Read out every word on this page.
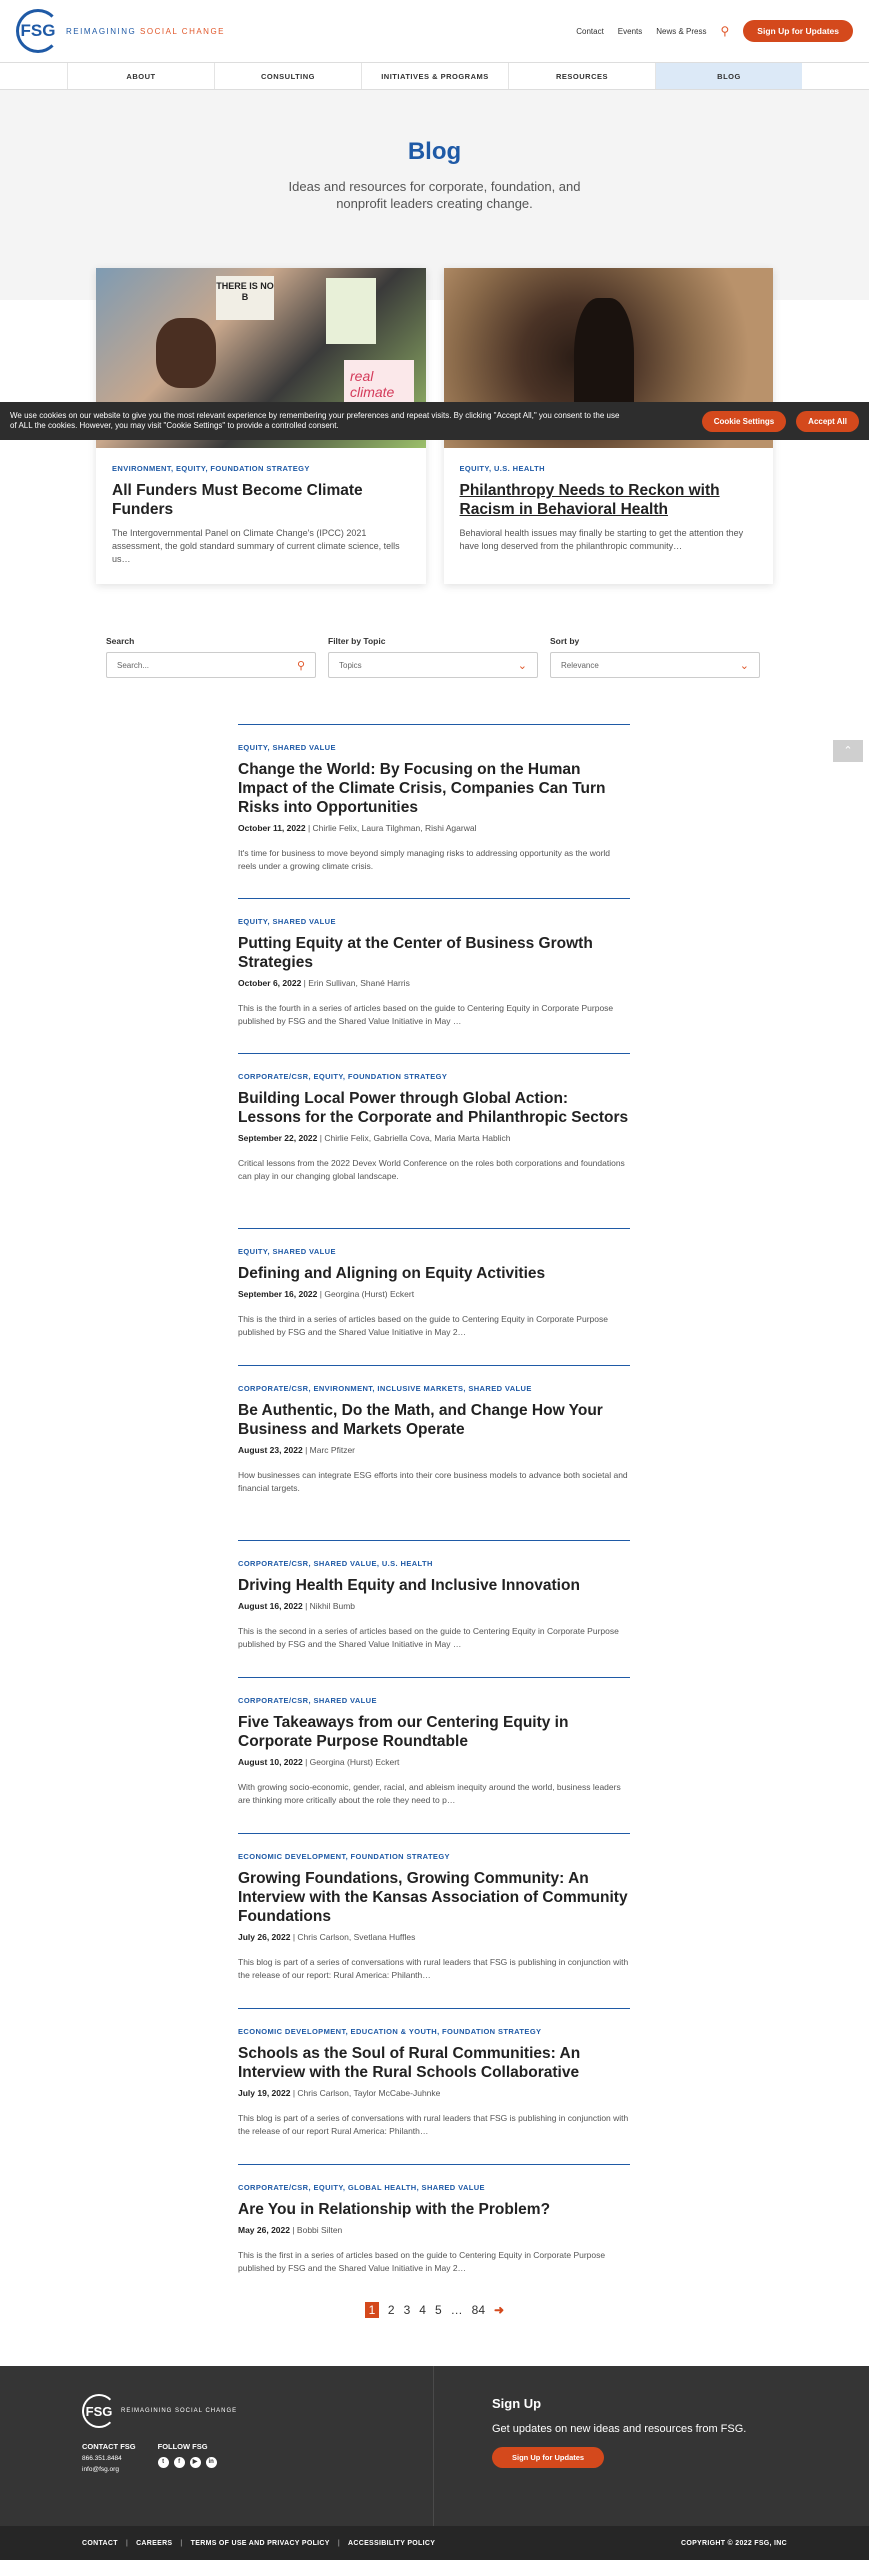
FSG	REIMAGINING SOCIAL CHANGE	Contact Events News & Press ⚲	Sign Up for Updates
ABOUT	CONSULTING	INITIATIVES & PROGRAMS	RESOURCES	BLOG
Blog

Ideas and resources for corporate, foundation, and nonprofit leaders creating change.

THERE IS NO B
real climate
ENVIRONMENT, EQUITY, FOUNDATION STRATEGY
All Funders Must Become Climate Funders
The Intergovernmental Panel on Climate Change's (IPCC) 2021 assessment, the gold standard summary of current climate science, tells us…
EQUITY, U.S. HEALTH
Philanthropy Needs to Reckon with Racism in Behavioral Health
Behavioral health issues may finally be starting to get the attention they have long deserved from the philanthropic community…
We use cookies on our website to give you the most relevant experience by remembering your preferences and repeat visits. By clicking "Accept All," you consent to the use of ALL the cookies. However, you may visit "Cookie Settings" to provide a controlled consent.	Cookie Settings	Accept All
Search
Search...	⚲
Filter by Topic
Topics	⌄
Sort by
Relevance	⌄
⌃
EQUITY, SHARED VALUE
Change the World: By Focusing on the Human Impact of the Climate Crisis, Companies Can Turn Risks into Opportunities
October 11, 2022 | Chirlie Felix, Laura Tilghman, Rishi Agarwal
It's time for business to move beyond simply managing risks to addressing opportunity as the world reels under a growing climate crisis.
EQUITY, SHARED VALUE
Putting Equity at the Center of Business Growth Strategies
October 6, 2022 | Erin Sullivan, Shané Harris
This is the fourth in a series of articles based on the guide to Centering Equity in Corporate Purpose published by FSG and the Shared Value Initiative in May …
CORPORATE/CSR, EQUITY, FOUNDATION STRATEGY
Building Local Power through Global Action: Lessons for the Corporate and Philanthropic Sectors
September 22, 2022 | Chirlie Felix, Gabriella Cova, Maria Marta Hablich
Critical lessons from the 2022 Devex World Conference on the roles both corporations and foundations can play in our changing global landscape.
EQUITY, SHARED VALUE
Defining and Aligning on Equity Activities
September 16, 2022 | Georgina (Hurst) Eckert
This is the third in a series of articles based on the guide to Centering Equity in Corporate Purpose published by FSG and the Shared Value Initiative in May 2…
CORPORATE/CSR, ENVIRONMENT, INCLUSIVE MARKETS, SHARED VALUE
Be Authentic, Do the Math, and Change How Your Business and Markets Operate
August 23, 2022 | Marc Pfitzer
How businesses can integrate ESG efforts into their core business models to advance both societal and financial targets.
CORPORATE/CSR, SHARED VALUE, U.S. HEALTH
Driving Health Equity and Inclusive Innovation
August 16, 2022 | Nikhil Bumb
This is the second in a series of articles based on the guide to Centering Equity in Corporate Purpose published by FSG and the Shared Value Initiative in May …
CORPORATE/CSR, SHARED VALUE
Five Takeaways from our Centering Equity in Corporate Purpose Roundtable
August 10, 2022 | Georgina (Hurst) Eckert
With growing socio-economic, gender, racial, and ableism inequity around the world, business leaders are thinking more critically about the role they need to p…
ECONOMIC DEVELOPMENT, FOUNDATION STRATEGY
Growing Foundations, Growing Community: An Interview with the Kansas Association of Community Foundations
July 26, 2022 | Chris Carlson, Svetlana Huffles
This blog is part of a series of conversations with rural leaders that FSG is publishing in conjunction with the release of our report: Rural America: Philanth…
ECONOMIC DEVELOPMENT, EDUCATION & YOUTH, FOUNDATION STRATEGY
Schools as the Soul of Rural Communities: An Interview with the Rural Schools Collaborative
July 19, 2022 | Chris Carlson, Taylor McCabe-Juhnke
This blog is part of a series of conversations with rural leaders that FSG is publishing in conjunction with the release of our report Rural America: Philanth…
CORPORATE/CSR, EQUITY, GLOBAL HEALTH, SHARED VALUE
Are You in Relationship with the Problem?
May 26, 2022 | Bobbi Silten
This is the first in a series of articles based on the guide to Centering Equity in Corporate Purpose published by FSG and the Shared Value Initiative in May 2…
1	2 3 4 5 … 84 ➜
FSG	REIMAGINING SOCIAL CHANGE
CONTACT FSG
866.351.8484
info@fsg.org
FOLLOW FSG
t	f	▶	in
Sign Up
Get updates on new ideas and resources from FSG.
Sign Up for Updates
CONTACT | CAREERS | TERMS OF USE AND PRIVACY POLICY | ACCESSIBILITY POLICY	COPYRIGHT © 2022 FSG, INC
